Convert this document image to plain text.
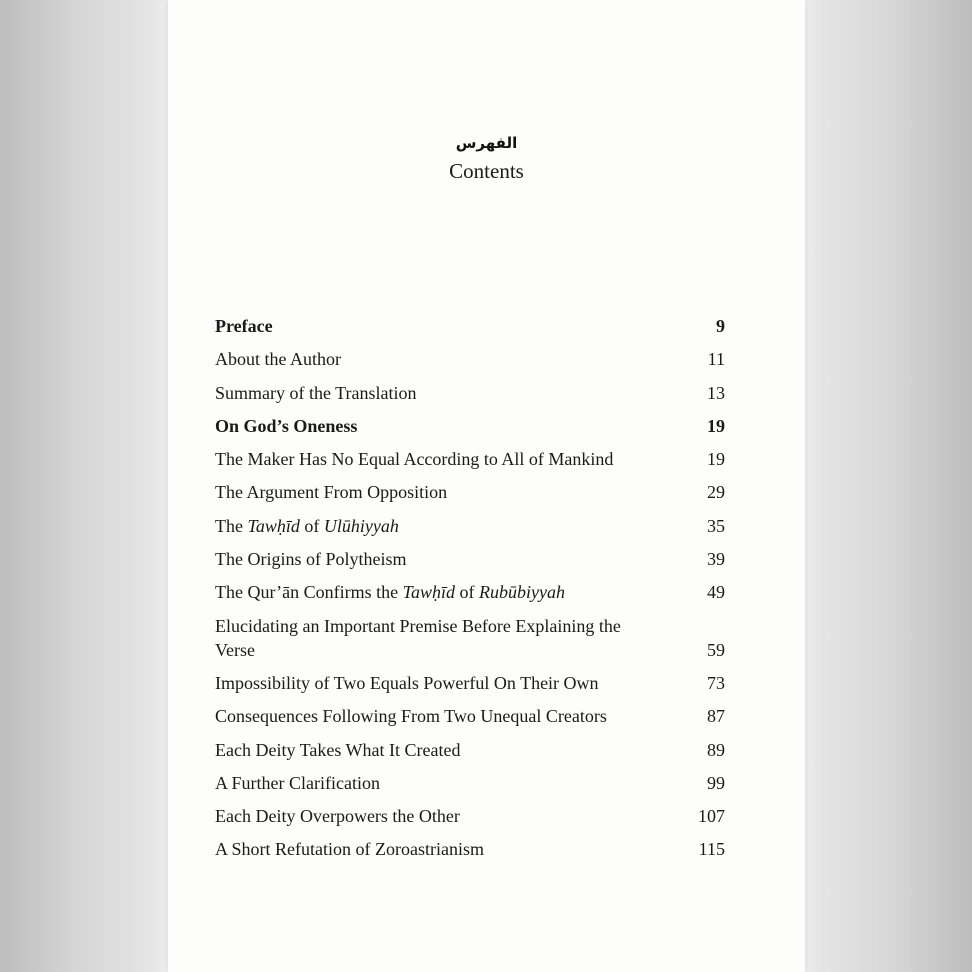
الفهرس
Contents
Preface	9
About the Author	11
Summary of the Translation	13
On God’s Oneness	19
The Maker Has No Equal According to All of Mankind	19
The Argument From Opposition	29
The Tawḥīd of Ulūhiyyah	35
The Origins of Polytheism	39
The Qur’ān Confirms the Tawḥīd of Rubūbiyyah	49
Elucidating an Important Premise Before Explaining the Verse	59
Impossibility of Two Equals Powerful On Their Own	73
Consequences Following From Two Unequal Creators	87
Each Deity Takes What It Created	89
A Further Clarification	99
Each Deity Overpowers the Other	107
A Short Refutation of Zoroastrianism	115
